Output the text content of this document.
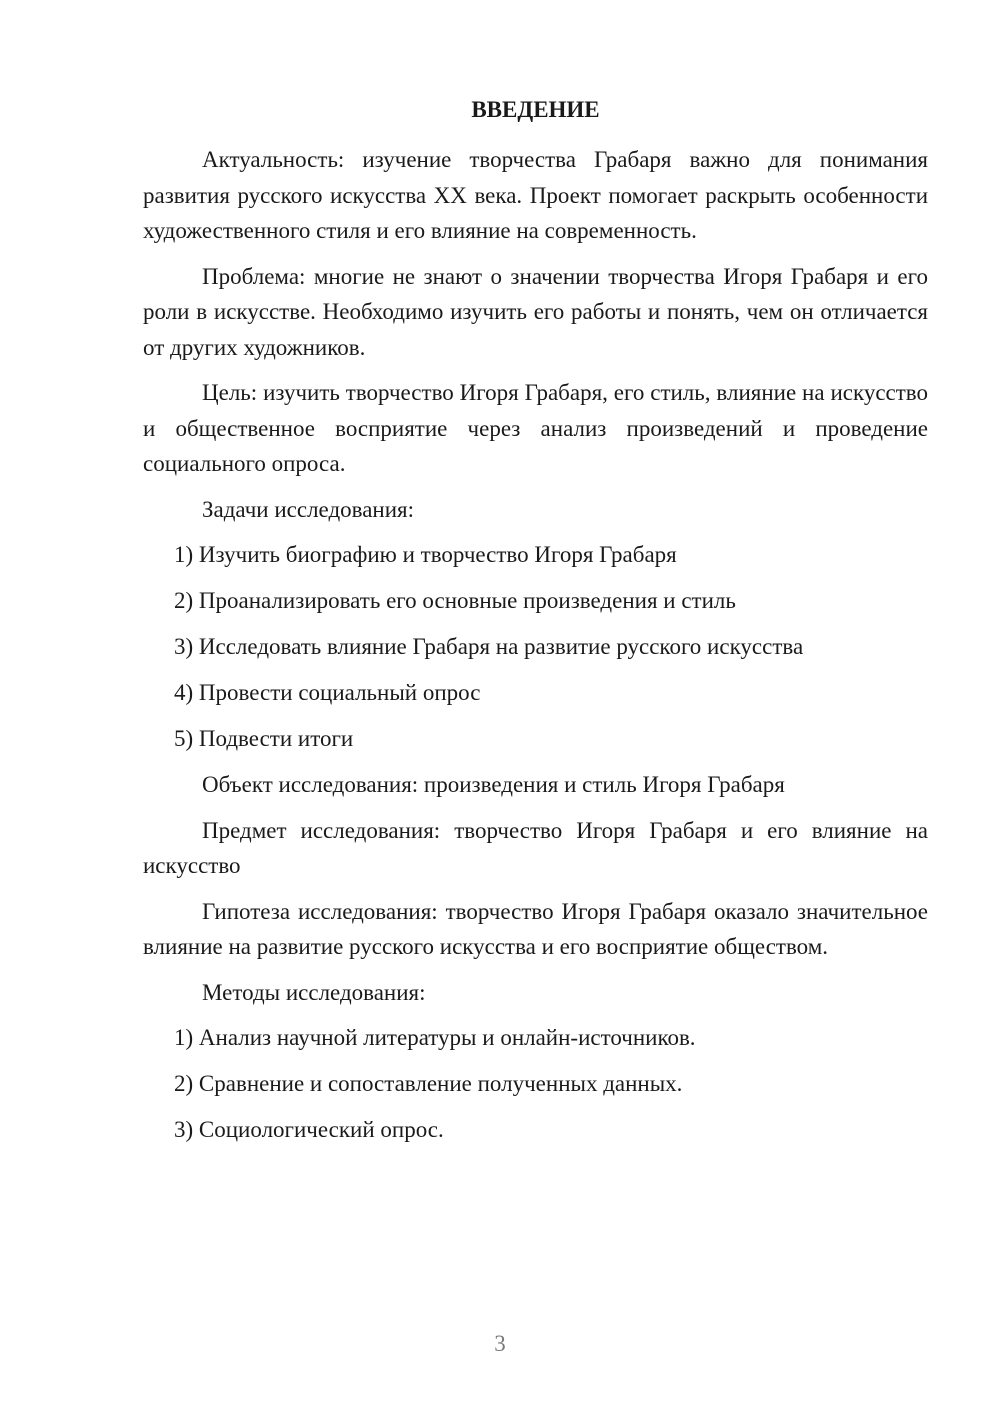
ВВЕДЕНИЕ

Актуальность: изучение творчества Грабаря важно для понимания развития русского искусства XX века. Проект помогает раскрыть особенности художественного стиля и его влияние на современность.

Проблема: многие не знают о значении творчества Игоря Грабаря и его роли в искусстве. Необходимо изучить его работы и понять, чем он отличается от других художников.

Цель: изучить творчество Игоря Грабаря, его стиль, влияние на искусство и общественное восприятие через анализ произведений и проведение социального опроса.

Задачи исследования:

1) Изучить биографию и творчество Игоря Грабаря
2) Проанализировать его основные произведения и стиль
3) Исследовать влияние Грабаря на развитие русского искусства
4) Провести социальный опрос
5) Подвести итоги

Объект исследования: произведения и стиль Игоря Грабаря

Предмет исследования: творчество Игоря Грабаря и его влияние на искусство

Гипотеза исследования: творчество Игоря Грабаря оказало значительное влияние на развитие русского искусства и его восприятие обществом.

Методы исследования:

1) Анализ научной литературы и онлайн-источников.
2) Сравнение и сопоставление полученных данных.
3) Социологический опрос.
3
